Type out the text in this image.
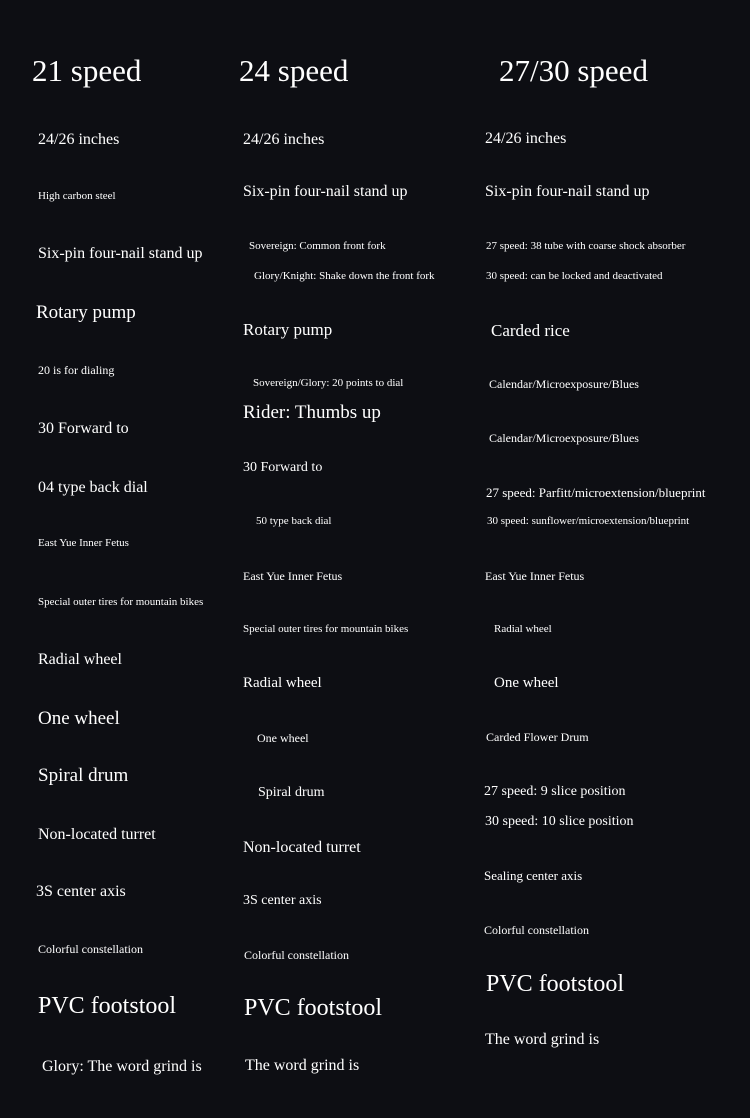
21 speed
24/26 inches
High carbon steel
Six-pin four-nail stand up
Rotary pump
20 is for dialing
30 Forward to
04 type back dial
East Yue Inner Fetus
Special outer tires for mountain bikes
Radial wheel
One wheel
Spiral drum
Non-located turret
3S center axis
Colorful constellation
PVC footstool
Glory: The word grind is
24 speed
24/26 inches
Six-pin four-nail stand up
Sovereign: Common front fork
Glory/Knight: Shake down the front fork
Rotary pump
Sovereign/Glory: 20 points to dial
Rider: Thumbs up
30 Forward to
50 type back dial
East Yue Inner Fetus
Special outer tires for mountain bikes
Radial wheel
One wheel
Spiral drum
Non-located turret
3S center axis
Colorful constellation
PVC footstool
The word grind is
27/30 speed
24/26 inches
Six-pin four-nail stand up
27 speed: 38 tube with coarse shock absorber
30 speed: can be locked and deactivated
Carded rice
Calendar/Microexposure/Blues
Calendar/Microexposure/Blues
27 speed: Parfitt/microextension/blueprint
30 speed: sunflower/microextension/blueprint
East Yue Inner Fetus
Radial wheel
One wheel
Carded Flower Drum
27 speed: 9 slice position
30 speed: 10 slice position
Sealing center axis
Colorful constellation
PVC footstool
The word grind is
